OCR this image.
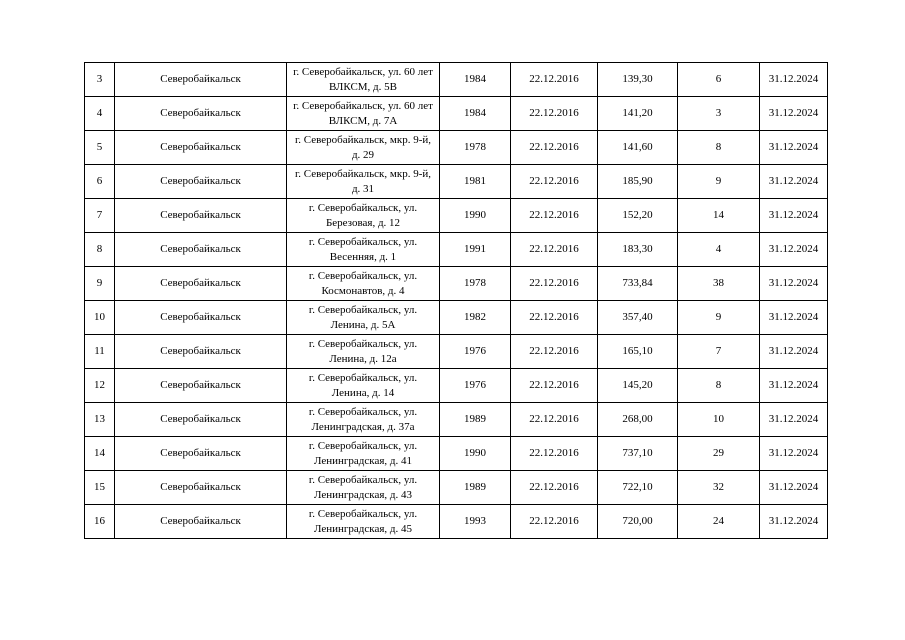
3	Северобайкальск	г. Северобайкальск, ул. 60 лет
ВЛКСМ, д. 5В	1984	22.12.2016	139,30	6	31.12.2024
4	Северобайкальск	г. Северобайкальск, ул. 60 лет
ВЛКСМ, д. 7А	1984	22.12.2016	141,20	3	31.12.2024
5	Северобайкальск	г. Северобайкальск, мкр. 9-й,
д. 29	1978	22.12.2016	141,60	8	31.12.2024
6	Северобайкальск	г. Северобайкальск, мкр. 9-й,
д. 31	1981	22.12.2016	185,90	9	31.12.2024
7	Северобайкальск	г. Северобайкальск, ул.
Березовая, д. 12	1990	22.12.2016	152,20	14	31.12.2024
8	Северобайкальск	г. Северобайкальск, ул.
Весенняя, д. 1	1991	22.12.2016	183,30	4	31.12.2024
9	Северобайкальск	г. Северобайкальск, ул.
Космонавтов, д. 4	1978	22.12.2016	733,84	38	31.12.2024
10	Северобайкальск	г. Северобайкальск, ул.
Ленина, д. 5А	1982	22.12.2016	357,40	9	31.12.2024
11	Северобайкальск	г. Северобайкальск, ул.
Ленина, д. 12а	1976	22.12.2016	165,10	7	31.12.2024
12	Северобайкальск	г. Северобайкальск, ул.
Ленина, д. 14	1976	22.12.2016	145,20	8	31.12.2024
13	Северобайкальск	г. Северобайкальск, ул.
Ленинградская, д. 37а	1989	22.12.2016	268,00	10	31.12.2024
14	Северобайкальск	г. Северобайкальск, ул.
Ленинградская, д. 41	1990	22.12.2016	737,10	29	31.12.2024
15	Северобайкальск	г. Северобайкальск, ул.
Ленинградская, д. 43	1989	22.12.2016	722,10	32	31.12.2024
16	Северобайкальск	г. Северобайкальск, ул.
Ленинградская, д. 45	1993	22.12.2016	720,00	24	31.12.2024
